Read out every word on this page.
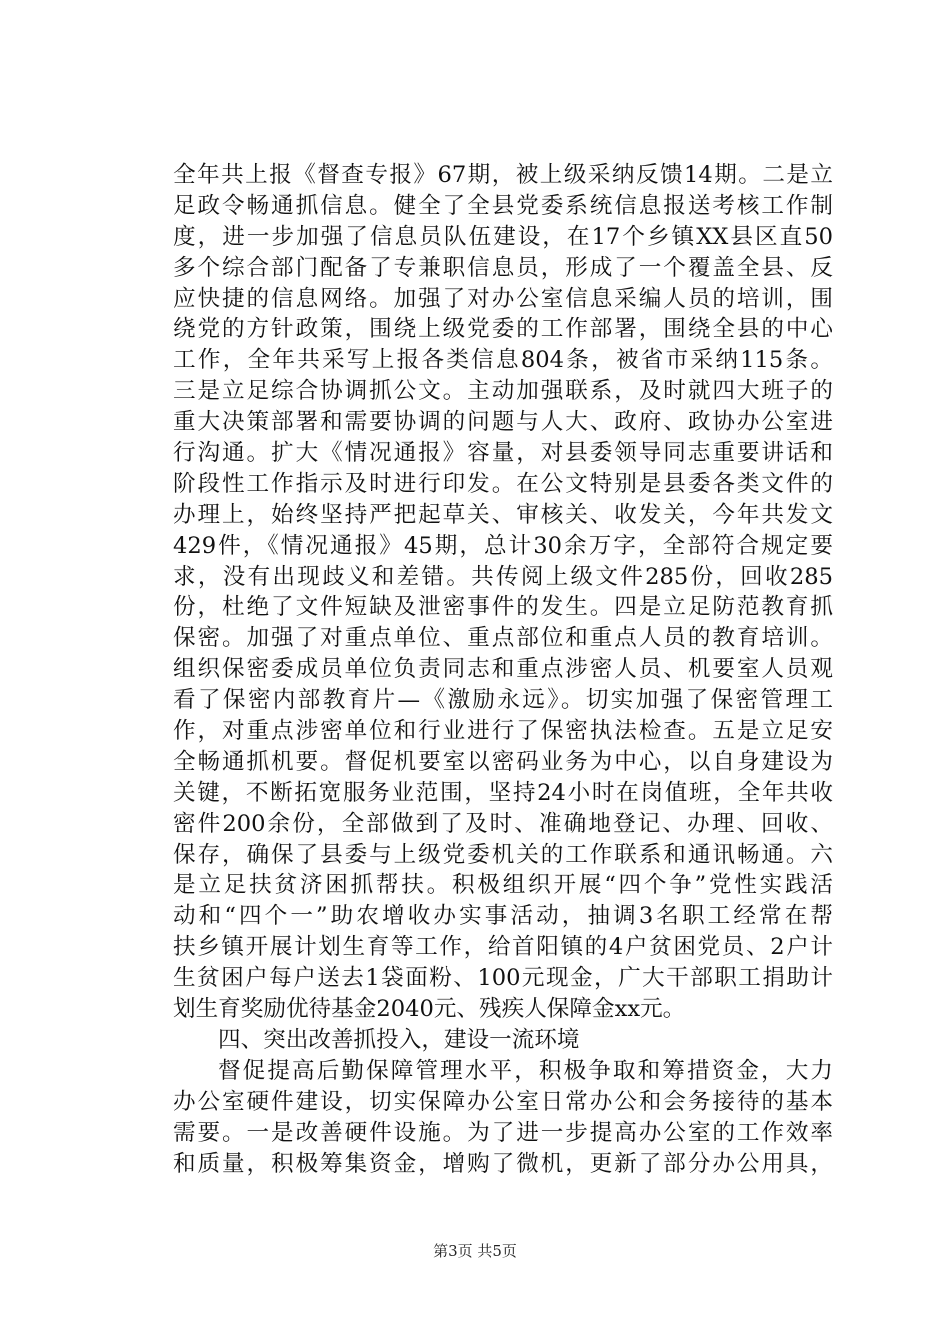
全年共上报《督查专报》67期，被上级采纳反馈14期。二是立
足政令畅通抓信息。健全了全县党委系统信息报送考核工作制
度，进一步加强了信息员队伍建设，在17个乡镇XX县区直50
多个综合部门配备了专兼职信息员，形成了一个覆盖全县、反
应快捷的信息网络。加强了对办公室信息采编人员的培训，围
绕党的方针政策，围绕上级党委的工作部署，围绕全县的中心
工作，全年共采写上报各类信息804条，被省市采纳115条。
三是立足综合协调抓公文。主动加强联系，及时就四大班子的
重大决策部署和需要协调的问题与人大、政府、政协办公室进
行沟通。扩大《情况通报》容量，对县委领导同志重要讲话和
阶段性工作指示及时进行印发。在公文特别是县委各类文件的
办理上，始终坚持严把起草关、审核关、收发关，今年共发文
429件，《情况通报》45期，总计30余万字，全部符合规定要
求，没有出现歧义和差错。共传阅上级文件285份，回收285
份，杜绝了文件短缺及泄密事件的发生。四是立足防范教育抓
保密。加强了对重点单位、重点部位和重点人员的教育培训。
组织保密委成员单位负责同志和重点涉密人员、机要室人员观
看了保密内部教育片—《激励永远》。切实加强了保密管理工
作，对重点涉密单位和行业进行了保密执法检查。五是立足安
全畅通抓机要。督促机要室以密码业务为中心，以自身建设为
关键，不断拓宽服务业范围，坚持24小时在岗值班，全年共收
密件200余份，全部做到了及时、准确地登记、办理、回收、
保存，确保了县委与上级党委机关的工作联系和通讯畅通。六
是立足扶贫济困抓帮扶。积极组织开展“四个争”党性实践活
动和“四个一”助农增收办实事活动，抽调3名职工经常在帮
扶乡镇开展计划生育等工作，给首阳镇的4户贫困党员、2户计
生贫困户每户送去1袋面粉、100元现金，广大干部职工捐助计
划生育奖励优待基金2040元、残疾人保障金xx元。
四、突出改善抓投入，建设一流环境
督促提高后勤保障管理水平，积极争取和筹措资金，大力
办公室硬件建设，切实保障办公室日常办公和会务接待的基本
需要。一是改善硬件设施。为了进一步提高办公室的工作效率
和质量，积极筹集资金，增购了微机，更新了部分办公用具，
第3页 共5页
